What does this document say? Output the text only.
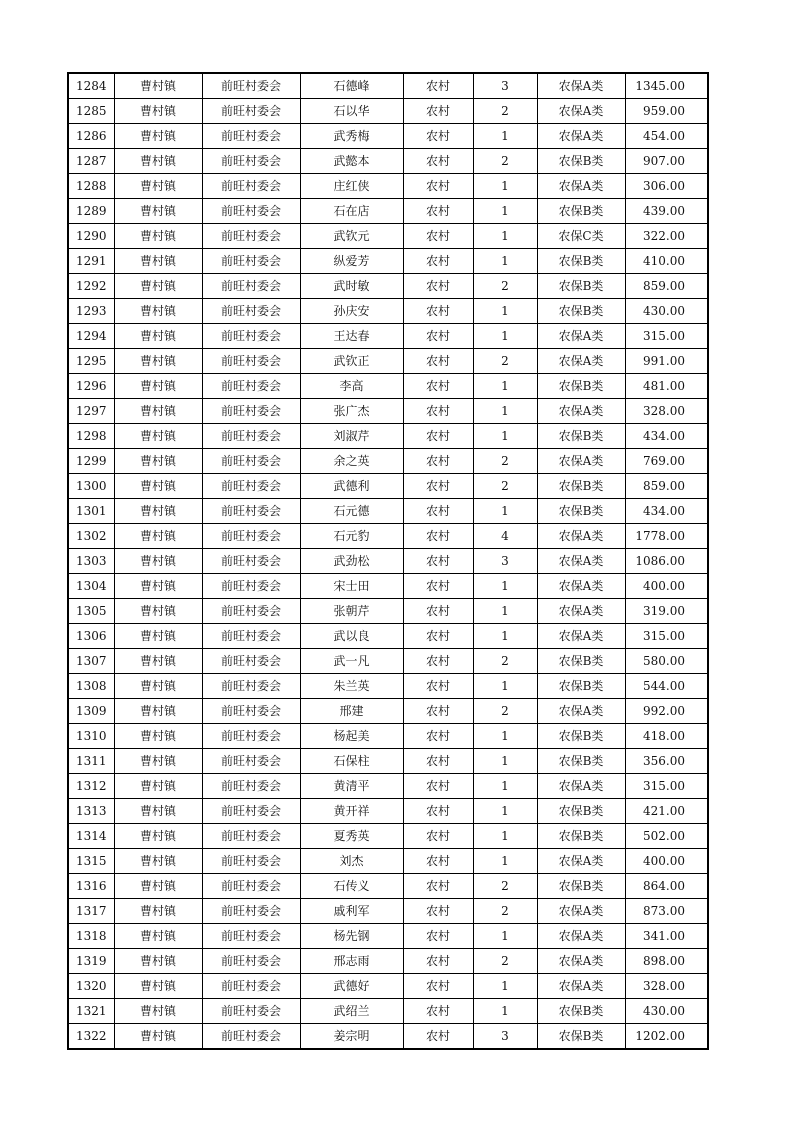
1284	曹村镇	前旺村委会	石德峰	农村	3	农保A类	1345.00
1285	曹村镇	前旺村委会	石以华	农村	2	农保A类	959.00
1286	曹村镇	前旺村委会	武秀梅	农村	1	农保A类	454.00
1287	曹村镇	前旺村委会	武懿本	农村	2	农保B类	907.00
1288	曹村镇	前旺村委会	庄红侠	农村	1	农保A类	306.00
1289	曹村镇	前旺村委会	石在店	农村	1	农保B类	439.00
1290	曹村镇	前旺村委会	武钦元	农村	1	农保C类	322.00
1291	曹村镇	前旺村委会	纵爱芳	农村	1	农保B类	410.00
1292	曹村镇	前旺村委会	武时敏	农村	2	农保B类	859.00
1293	曹村镇	前旺村委会	孙庆安	农村	1	农保B类	430.00
1294	曹村镇	前旺村委会	王达春	农村	1	农保A类	315.00
1295	曹村镇	前旺村委会	武钦正	农村	2	农保A类	991.00
1296	曹村镇	前旺村委会	李高	农村	1	农保B类	481.00
1297	曹村镇	前旺村委会	张广杰	农村	1	农保A类	328.00
1298	曹村镇	前旺村委会	刘淑芹	农村	1	农保B类	434.00
1299	曹村镇	前旺村委会	余之英	农村	2	农保A类	769.00
1300	曹村镇	前旺村委会	武德利	农村	2	农保B类	859.00
1301	曹村镇	前旺村委会	石元德	农村	1	农保B类	434.00
1302	曹村镇	前旺村委会	石元豹	农村	4	农保A类	1778.00
1303	曹村镇	前旺村委会	武劲松	农村	3	农保A类	1086.00
1304	曹村镇	前旺村委会	宋士田	农村	1	农保A类	400.00
1305	曹村镇	前旺村委会	张朝芹	农村	1	农保A类	319.00
1306	曹村镇	前旺村委会	武以良	农村	1	农保A类	315.00
1307	曹村镇	前旺村委会	武一凡	农村	2	农保B类	580.00
1308	曹村镇	前旺村委会	朱兰英	农村	1	农保B类	544.00
1309	曹村镇	前旺村委会	邢建	农村	2	农保A类	992.00
1310	曹村镇	前旺村委会	杨起美	农村	1	农保B类	418.00
1311	曹村镇	前旺村委会	石保柱	农村	1	农保B类	356.00
1312	曹村镇	前旺村委会	黄清平	农村	1	农保A类	315.00
1313	曹村镇	前旺村委会	黄开祥	农村	1	农保B类	421.00
1314	曹村镇	前旺村委会	夏秀英	农村	1	农保B类	502.00
1315	曹村镇	前旺村委会	刘杰	农村	1	农保A类	400.00
1316	曹村镇	前旺村委会	石传义	农村	2	农保B类	864.00
1317	曹村镇	前旺村委会	戚利军	农村	2	农保A类	873.00
1318	曹村镇	前旺村委会	杨先钢	农村	1	农保A类	341.00
1319	曹村镇	前旺村委会	邢志雨	农村	2	农保A类	898.00
1320	曹村镇	前旺村委会	武德好	农村	1	农保A类	328.00
1321	曹村镇	前旺村委会	武绍兰	农村	1	农保B类	430.00
1322	曹村镇	前旺村委会	姜宗明	农村	3	农保B类	1202.00
